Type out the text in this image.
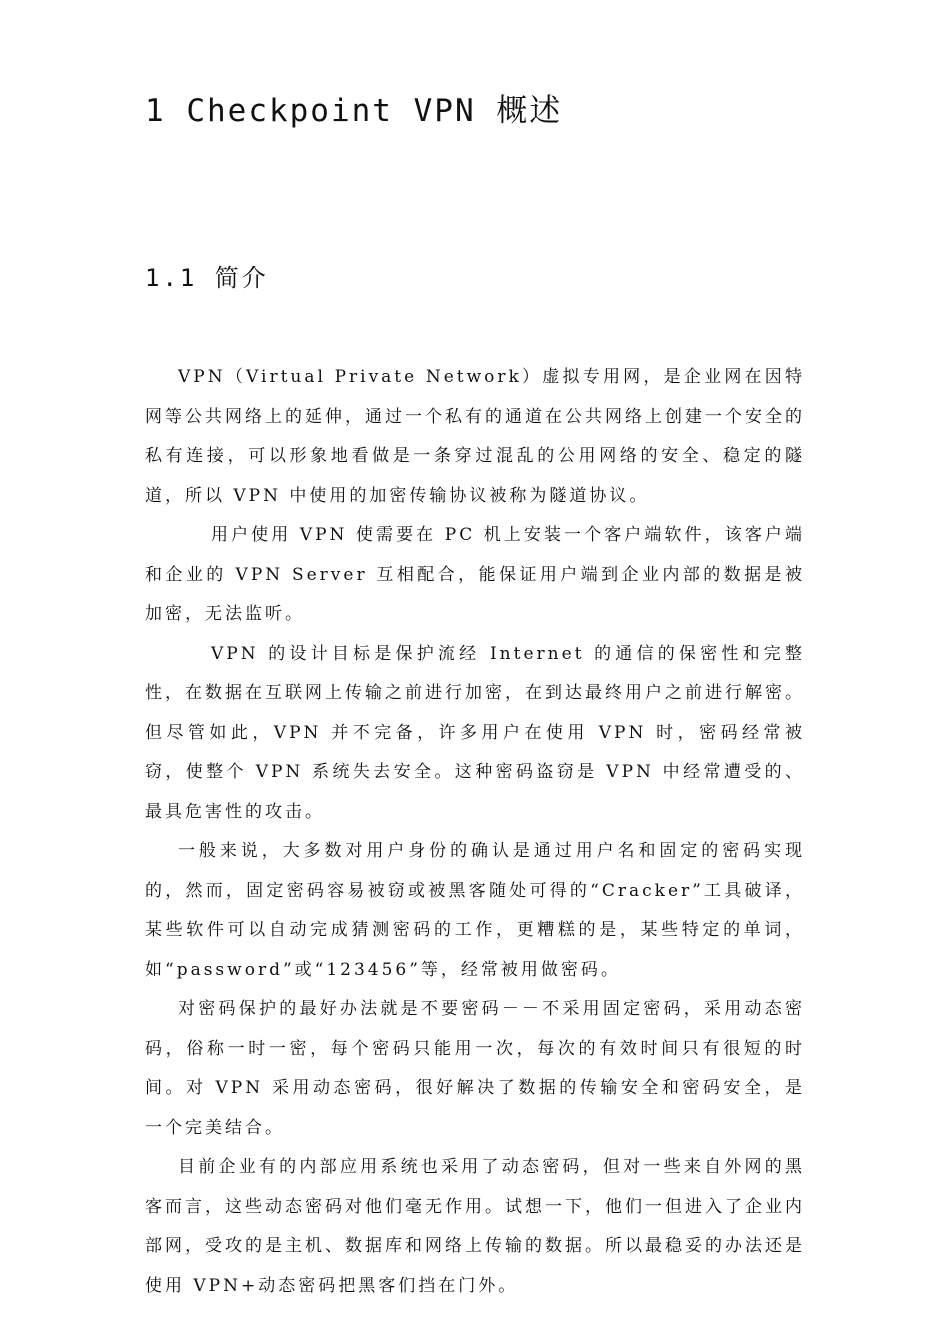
1 Checkpoint VPN 概述
1.1 简介

VPN（Virtual Private Network）虚拟专用网，是企业网在因特网等公共网络上的延伸，通过一个私有的通道在公共网络上创建一个安全的私有连接，可以形象地看做是一条穿过混乱的公用网络的安全、稳定的隧道，所以 VPN 中使用的加密传输协议被称为隧道协议。

用户使用 VPN 使需要在 PC 机上安装一个客户端软件，该客户端和企业的 VPN Server 互相配合，能保证用户端到企业内部的数据是被加密，无法监听。

VPN 的设计目标是保护流经 Internet 的通信的保密性和完整性，在数据在互联网上传输之前进行加密，在到达最终用户之前进行解密。但尽管如此，VPN 并不完备，许多用户在使用 VPN 时，密码经常被窃，使整个 VPN 系统失去安全。这种密码盗窃是 VPN 中经常遭受的、最具危害性的攻击。

一般来说，大多数对用户身份的确认是通过用户名和固定的密码实现的，然而，固定密码容易被窃或被黑客随处可得的“Cracker”工具破译，某些软件可以自动完成猜测密码的工作，更糟糕的是，某些特定的单词，如“password”或“123456”等，经常被用做密码。

对密码保护的最好办法就是不要密码－－不采用固定密码，采用动态密码，俗称一时一密，每个密码只能用一次，每次的有效时间只有很短的时间。对 VPN 采用动态密码，很好解决了数据的传输安全和密码安全，是一个完美结合。

目前企业有的内部应用系统也采用了动态密码，但对一些来自外网的黑客而言，这些动态密码对他们毫无作用。试想一下，他们一但进入了企业内部网，受攻的是主机、数据库和网络上传输的数据。所以最稳妥的办法还是使用 VPN+动态密码把黑客们挡在门外。
